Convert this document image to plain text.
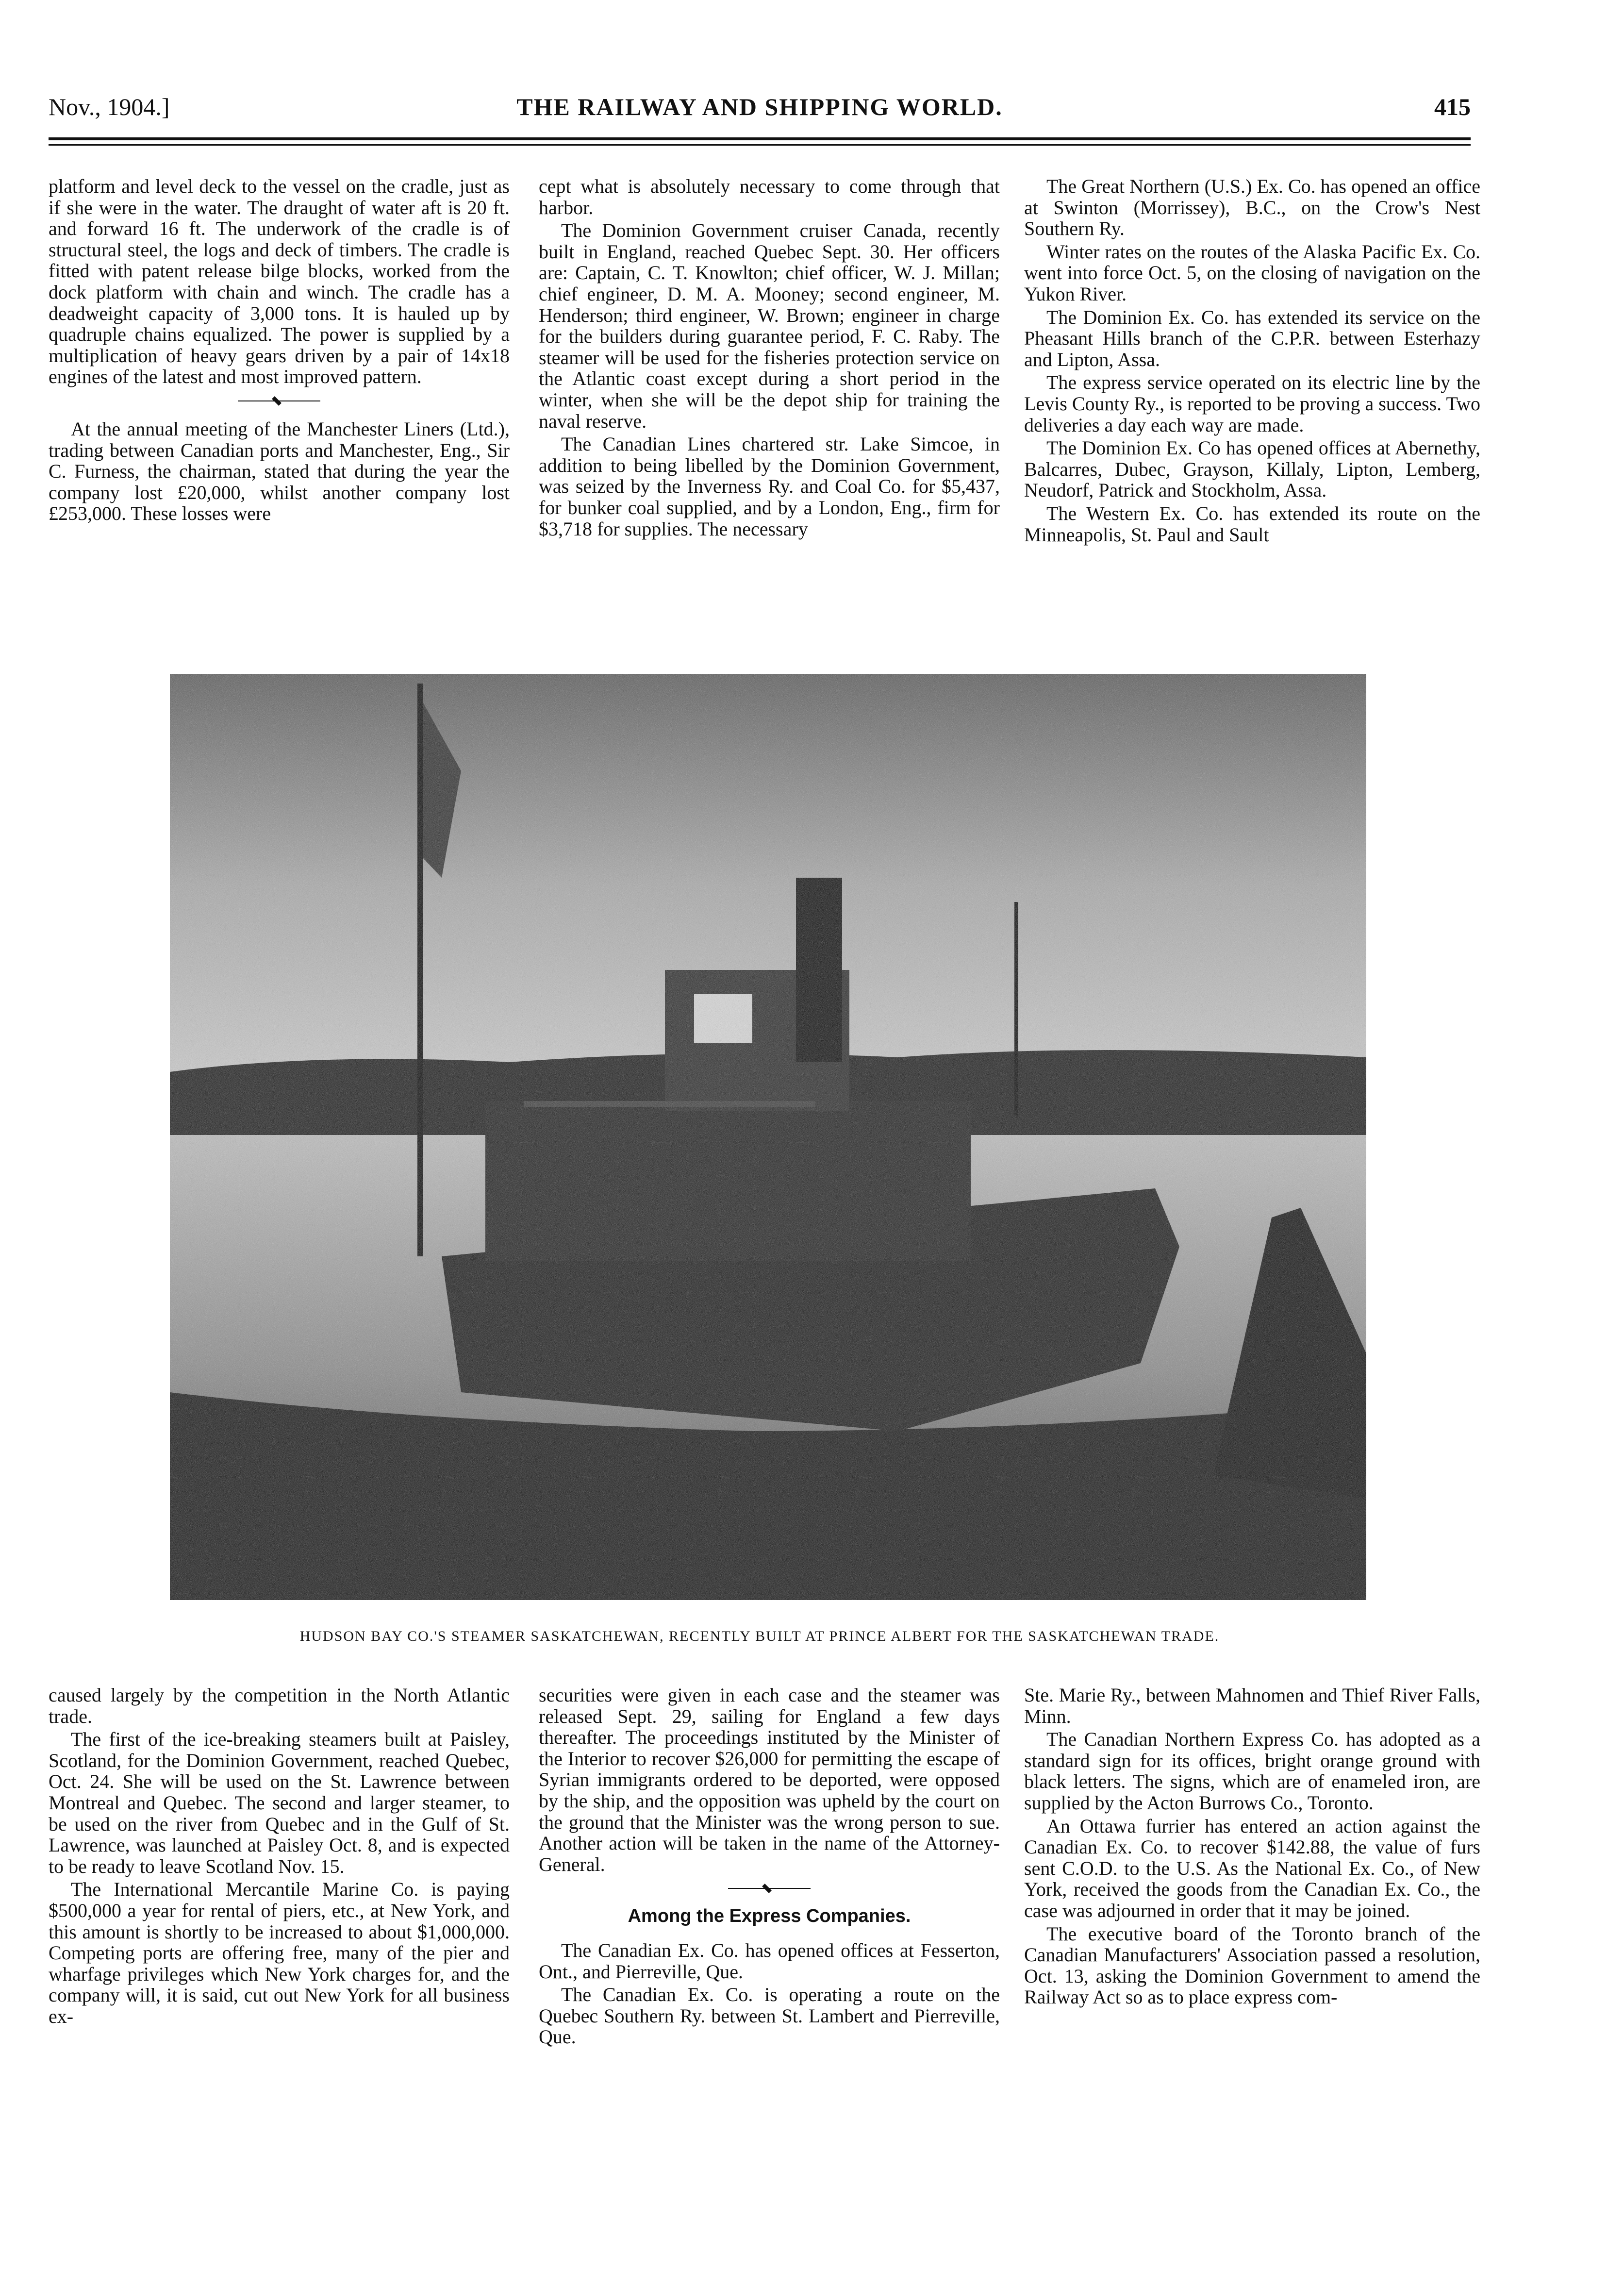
Nov., 1904.]	THE RAILWAY AND SHIPPING WORLD.	415

platform and level deck to the vessel on the cradle, just as if she were in the water. The draught of water aft is 20 ft. and forward 16 ft. The underwork of the cradle is of structural steel, the logs and deck of timbers. The cradle is fitted with patent release bilge blocks, worked from the dock platform with chain and winch. The cradle has a deadweight capacity of 3,000 tons. It is hauled up by quadruple chains equalized. The power is supplied by a multiplication of heavy gears driven by a pair of 14x18 engines of the latest and most improved pattern.

At the annual meeting of the Manchester Liners (Ltd.), trading between Canadian ports and Manchester, Eng., Sir C. Furness, the chairman, stated that during the year the company lost £20,000, whilst another company lost £253,000. These losses were

cept what is absolutely necessary to come through that harbor.

The Dominion Government cruiser Canada, recently built in England, reached Quebec Sept. 30. Her officers are: Captain, C. T. Knowlton; chief officer, W. J. Millan; chief engineer, D. M. A. Mooney; second engineer, M. Henderson; third engineer, W. Brown; engineer in charge for the builders during guarantee period, F. C. Raby. The steamer will be used for the fisheries protection service on the Atlantic coast except during a short period in the winter, when she will be the depot ship for training the naval reserve.

The Canadian Lines chartered str. Lake Simcoe, in addition to being libelled by the Dominion Government, was seized by the Inverness Ry. and Coal Co. for $5,437, for bunker coal supplied, and by a London, Eng., firm for $3,718 for supplies. The necessary

The Great Northern (U.S.) Ex. Co. has opened an office at Swinton (Morrissey), B.C., on the Crow's Nest Southern Ry.

Winter rates on the routes of the Alaska Pacific Ex. Co. went into force Oct. 5, on the closing of navigation on the Yukon River.

The Dominion Ex. Co. has extended its service on the Pheasant Hills branch of the C.P.R. between Esterhazy and Lipton, Assa.

The express service operated on its electric line by the Levis County Ry., is reported to be proving a success. Two deliveries a day each way are made.

The Dominion Ex. Co has opened offices at Abernethy, Balcarres, Dubec, Grayson, Killaly, Lipton, Lemberg, Neudorf, Patrick and Stockholm, Assa.

The Western Ex. Co. has extended its route on the Minneapolis, St. Paul and Sault

HUDSON BAY CO.'S STEAMER SASKATCHEWAN, RECENTLY BUILT AT PRINCE ALBERT FOR THE SASKATCHEWAN TRADE.

caused largely by the competition in the North Atlantic trade.

The first of the ice-breaking steamers built at Paisley, Scotland, for the Dominion Government, reached Quebec, Oct. 24. She will be used on the St. Lawrence between Montreal and Quebec. The second and larger steamer, to be used on the river from Quebec and in the Gulf of St. Lawrence, was launched at Paisley Oct. 8, and is expected to be ready to leave Scotland Nov. 15.

The International Mercantile Marine Co. is paying $500,000 a year for rental of piers, etc., at New York, and this amount is shortly to be increased to about $1,000,000. Competing ports are offering free, many of the pier and wharfage privileges which New York charges for, and the company will, it is said, cut out New York for all business ex-

securities were given in each case and the steamer was released Sept. 29, sailing for England a few days thereafter. The proceedings instituted by the Minister of the Interior to recover $26,000 for permitting the escape of Syrian immigrants ordered to be deported, were opposed by the ship, and the opposition was upheld by the court on the ground that the Minister was the wrong person to sue. Another action will be taken in the name of the Attorney-General.

Among the Express Companies.

The Canadian Ex. Co. has opened offices at Fesserton, Ont., and Pierreville, Que.

The Canadian Ex. Co. is operating a route on the Quebec Southern Ry. between St. Lambert and Pierreville, Que.

Ste. Marie Ry., between Mahnomen and Thief River Falls, Minn.

The Canadian Northern Express Co. has adopted as a standard sign for its offices, bright orange ground with black letters. The signs, which are of enameled iron, are supplied by the Acton Burrows Co., Toronto.

An Ottawa furrier has entered an action against the Canadian Ex. Co. to recover $142.88, the value of furs sent C.O.D. to the U.S. As the National Ex. Co., of New York, received the goods from the Canadian Ex. Co., the case was adjourned in order that it may be joined.

The executive board of the Toronto branch of the Canadian Manufacturers' Association passed a resolution, Oct. 13, asking the Dominion Government to amend the Railway Act so as to place express com-
